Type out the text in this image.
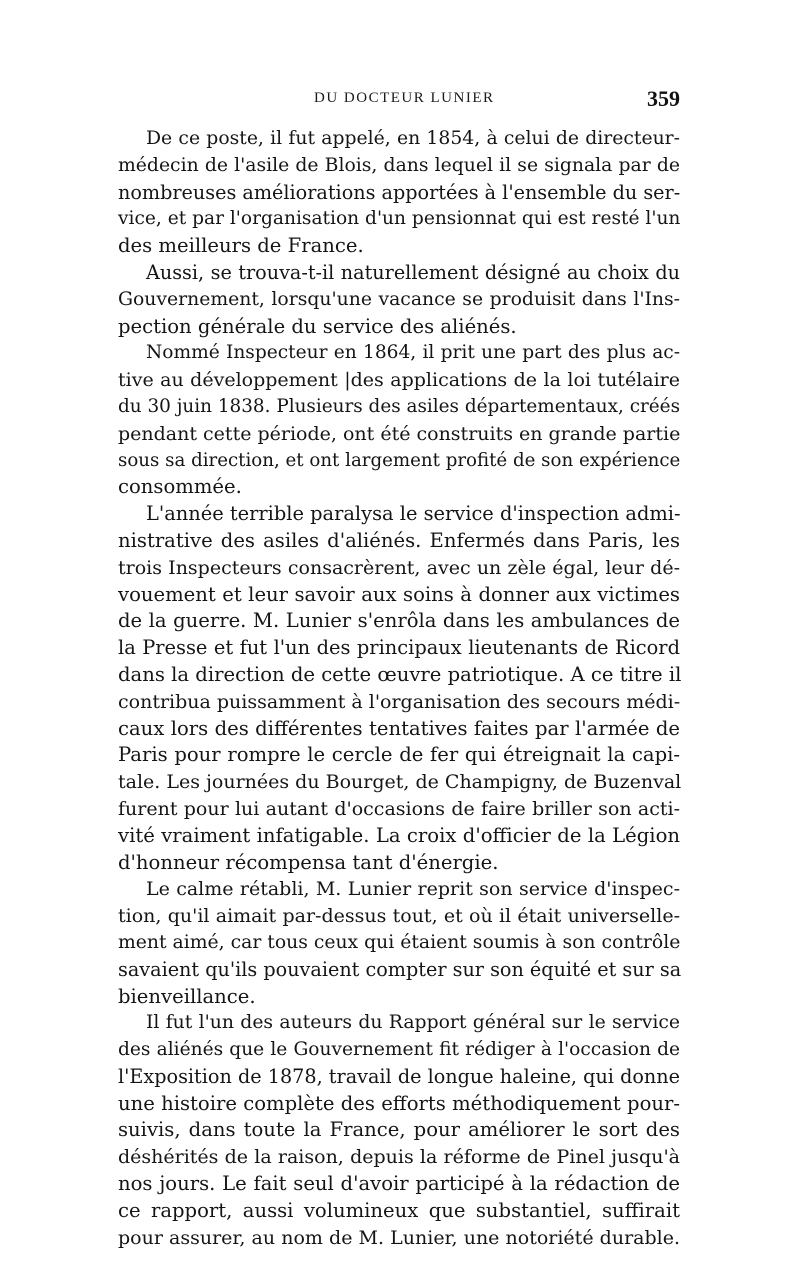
DU DOCTEUR LUNIER	359
De ce poste, il fut appelé, en 1854, à celui de directeur-
médecin de l'asile de Blois, dans lequel il se signala par de
nombreuses améliorations apportées à l'ensemble du ser-
vice, et par l'organisation d'un pensionnat qui est resté l'un
des meilleurs de France.
Aussi, se trouva-t-il naturellement désigné au choix du
Gouvernement, lorsqu'une vacance se produisit dans l'Ins-
pection générale du service des aliénés.
Nommé Inspecteur en 1864, il prit une part des plus ac-
tive au développement |des applications de la loi tutélaire
du 30 juin 1838. Plusieurs des asiles départementaux, créés
pendant cette période, ont été construits en grande partie
sous sa direction, et ont largement profité de son expérience
consommée.
L'année terrible paralysa le service d'inspection admi-
nistrative des asiles d'aliénés. Enfermés dans Paris, les
trois Inspecteurs consacrèrent, avec un zèle égal, leur dé-
vouement et leur savoir aux soins à donner aux victimes
de la guerre. M. Lunier s'enrôla dans les ambulances de
la Presse et fut l'un des principaux lieutenants de Ricord
dans la direction de cette œuvre patriotique. A ce titre il
contribua puissamment à l'organisation des secours médi-
caux lors des différentes tentatives faites par l'armée de
Paris pour rompre le cercle de fer qui étreignait la capi-
tale. Les journées du Bourget, de Champigny, de Buzenval
furent pour lui autant d'occasions de faire briller son acti-
vité vraiment infatigable. La croix d'officier de la Légion
d'honneur récompensa tant d'énergie.
Le calme rétabli, M. Lunier reprit son service d'inspec-
tion, qu'il aimait par-dessus tout, et où il était universelle-
ment aimé, car tous ceux qui étaient soumis à son contrôle
savaient qu'ils pouvaient compter sur son équité et sur sa
bienveillance.
Il fut l'un des auteurs du Rapport général sur le service
des aliénés que le Gouvernement fit rédiger à l'occasion de
l'Exposition de 1878, travail de longue haleine, qui donne
une histoire complète des efforts méthodiquement pour-
suivis, dans toute la France, pour améliorer le sort des
déshérités de la raison, depuis la réforme de Pinel jusqu'à
nos jours. Le fait seul d'avoir participé à la rédaction de
ce rapport, aussi volumineux que substantiel, suffirait
pour assurer, au nom de M. Lunier, une notoriété durable.
